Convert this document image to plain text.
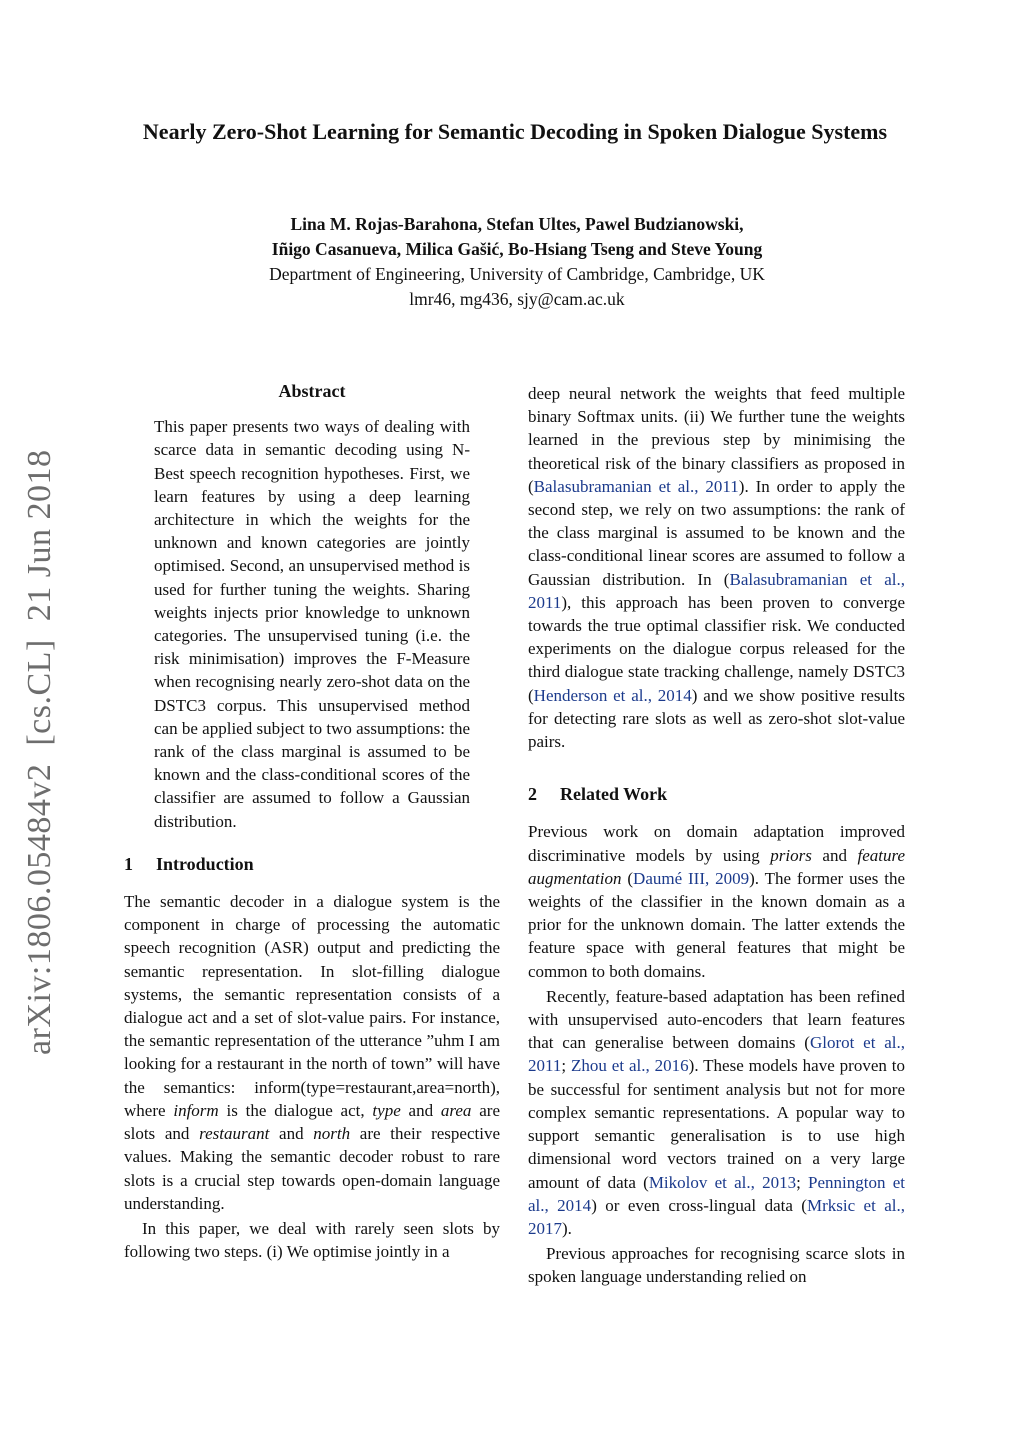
arXiv:1806.05484v2  [cs.CL]  21 Jun 2018
Nearly Zero-Shot Learning for Semantic Decoding in Spoken Dialogue Systems
Lina M. Rojas-Barahona, Stefan Ultes, Pawel Budzianowski,
Iñigo Casanueva, Milica Gašić, Bo-Hsiang Tseng and Steve Young
Department of Engineering, University of Cambridge, Cambridge, UK
lmr46, mg436, sjy@cam.ac.uk
Abstract

This paper presents two ways of dealing with scarce data in semantic decoding using N-Best speech recognition hypotheses. First, we learn features by using a deep learning architecture in which the weights for the unknown and known categories are jointly optimised. Second, an unsupervised method is used for further tuning the weights. Sharing weights injects prior knowledge to unknown categories. The unsupervised tuning (i.e. the risk minimisation) improves the F-Measure when recognising nearly zero-shot data on the DSTC3 corpus. This unsupervised method can be applied subject to two assumptions: the rank of the class marginal is assumed to be known and the class-conditional scores of the classifier are assumed to follow a Gaussian distribution.

1 Introduction

The semantic decoder in a dialogue system is the component in charge of processing the automatic speech recognition (ASR) output and predicting the semantic representation. In slot-filling dialogue systems, the semantic representation consists of a dialogue act and a set of slot-value pairs. For instance, the semantic representation of the utterance ”uhm I am looking for a restaurant in the north of town” will have the semantics: inform(type=restaurant,area=north), where inform is the dialogue act, type and area are slots and restaurant and north are their respective values. Making the semantic decoder robust to rare slots is a crucial step towards open-domain language understanding.

In this paper, we deal with rarely seen slots by following two steps. (i) We optimise jointly in a

deep neural network the weights that feed multiple binary Softmax units. (ii) We further tune the weights learned in the previous step by minimising the theoretical risk of the binary classifiers as proposed in (Balasubramanian et al., 2011). In order to apply the second step, we rely on two assumptions: the rank of the class marginal is assumed to be known and the class-conditional linear scores are assumed to follow a Gaussian distribution. In (Balasubramanian et al., 2011), this approach has been proven to converge towards the true optimal classifier risk. We conducted experiments on the dialogue corpus released for the third dialogue state tracking challenge, namely DSTC3 (Henderson et al., 2014) and we show positive results for detecting rare slots as well as zero-shot slot-value pairs.

2 Related Work

Previous work on domain adaptation improved discriminative models by using priors and feature augmentation (Daumé III, 2009). The former uses the weights of the classifier in the known domain as a prior for the unknown domain. The latter extends the feature space with general features that might be common to both domains.

Recently, feature-based adaptation has been refined with unsupervised auto-encoders that learn features that can generalise between domains (Glorot et al., 2011; Zhou et al., 2016). These models have proven to be successful for sentiment analysis but not for more complex semantic representations. A popular way to support semantic generalisation is to use high dimensional word vectors trained on a very large amount of data (Mikolov et al., 2013; Pennington et al., 2014) or even cross-lingual data (Mrksic et al., 2017).

Previous approaches for recognising scarce slots in spoken language understanding relied on
